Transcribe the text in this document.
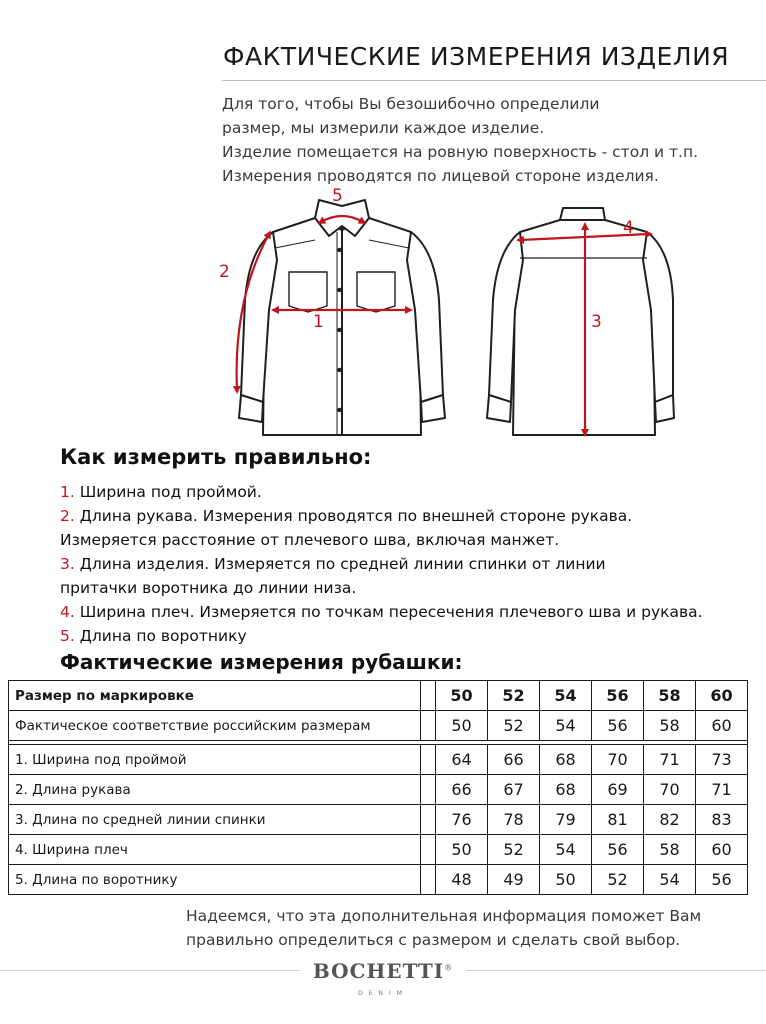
ФАКТИЧЕСКИЕ ИЗМЕРЕНИЯ ИЗДЕЛИЯ
Для того, чтобы Вы безошибочно определили
размер, мы измерили каждое изделие.
Изделие помещается на ровную поверхность - стол и т.п.
Измерения проводятся по лицевой стороне изделия.
5
2
1	3
4
Как измерить правильно:
1. Ширина под проймой.
2. Длина рукава. Измерения проводятся по внешней стороне рукава.
Измеряется расстояние от плечевого шва, включая манжет.
3. Длина изделия. Измеряется по средней линии спинки от линии
притачки воротника до линии низа.
4. Ширина плеч. Измеряется по точкам пересечения плечевого шва и рукава.
5. Длина по воротнику
Фактические измерения рубашки:
Размер по маркировке		50	52	54	56	58	60
Фактическое соответствие российским размерам		50	52	54	56	58	60

1. Ширина под проймой		64	66	68	70	71	73
2. Длина рукава		66	67	68	69	70	71
3. Длина по средней линии спинки		76	78	79	81	82	83
4. Ширина плеч		50	52	54	56	58	60
5. Длина по воротнику		48	49	50	52	54	56
Надеемся, что эта дополнительная информация поможет Вам
правильно определиться с размером и сделать свой выбор.
BOCHETTI®
DENIM
